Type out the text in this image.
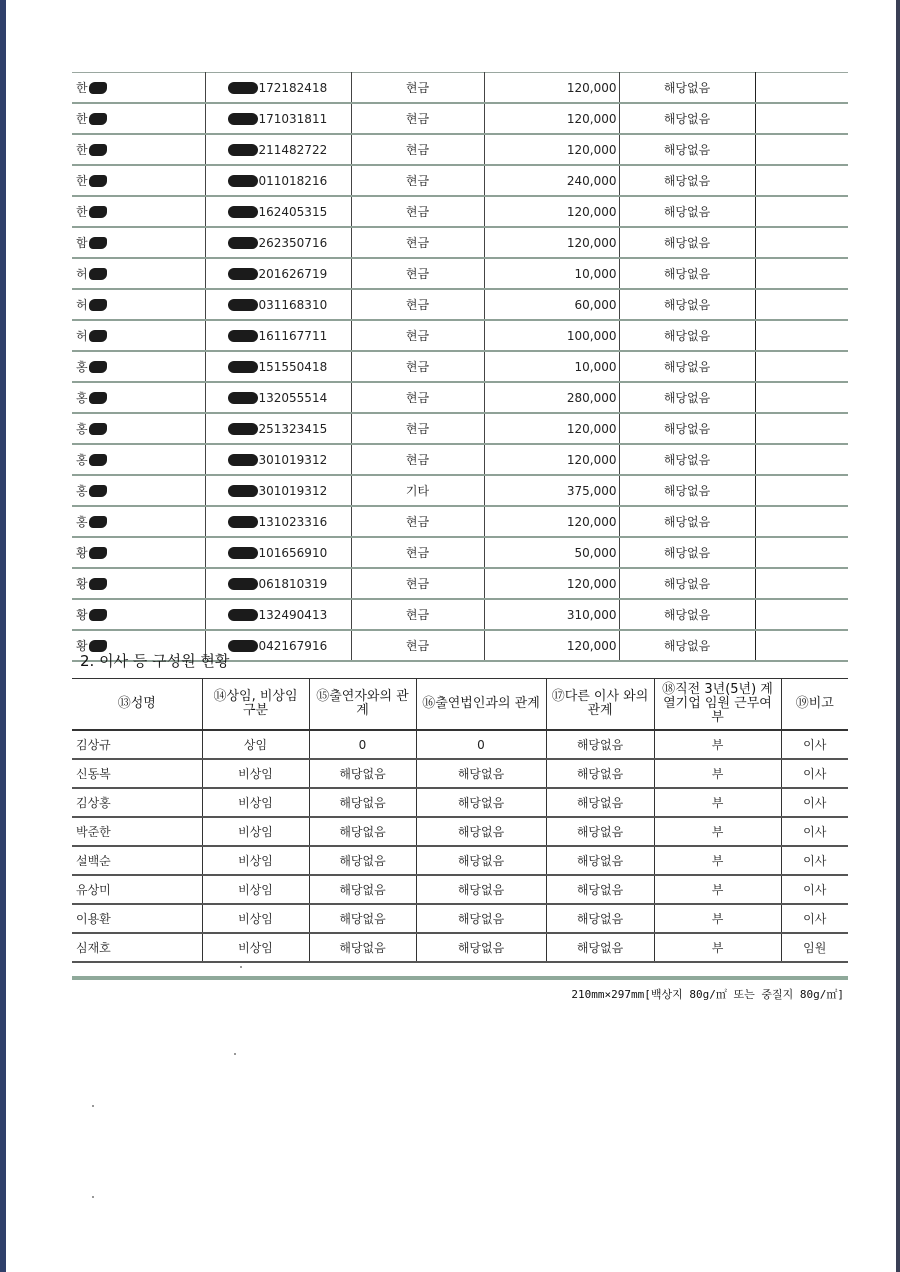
한	172182418	현금	120,000	해당없음	
한	171031811	현금	120,000	해당없음	
한	211482722	현금	120,000	해당없음	
한	011018216	현금	240,000	해당없음	
한	162405315	현금	120,000	해당없음	
함	262350716	현금	120,000	해당없음	
허	201626719	현금	10,000	해당없음	
허	031168310	현금	60,000	해당없음	
허	161167711	현금	100,000	해당없음	
홍	151550418	현금	10,000	해당없음	
홍	132055514	현금	280,000	해당없음	
홍	251323415	현금	120,000	해당없음	
홍	301019312	현금	120,000	해당없음	
홍	301019312	기타	375,000	해당없음	
홍	131023316	현금	120,000	해당없음	
황	101656910	현금	50,000	해당없음	
황	061810319	현금	120,000	해당없음	
황	132490413	현금	310,000	해당없음	
황	042167916	현금	120,000	해당없음	
2. 이사 등 구성원 현황
⑬성명	⑭상임, 비상임 구분	⑮출연자와의 관계	⑯출연법인과의 관계	⑰다른 이사 와의 관계	⑱직전 3년(5년) 계열기업 임원 근무여부	⑲비고
김상규	상임	0	0	해당없음	부	이사
신동복	비상임	해당없음	해당없음	해당없음	부	이사
김상홍	비상임	해당없음	해당없음	해당없음	부	이사
박준한	비상임	해당없음	해당없음	해당없음	부	이사
설백순	비상임	해당없음	해당없음	해당없음	부	이사
유상미	비상임	해당없음	해당없음	해당없음	부	이사
이용환	비상임	해당없음	해당없음	해당없음	부	이사
심재호	비상임	해당없음	해당없음	해당없음	부	임원
210mm×297mm[백상지 80g/㎡ 또는 중질지 80g/㎡]
